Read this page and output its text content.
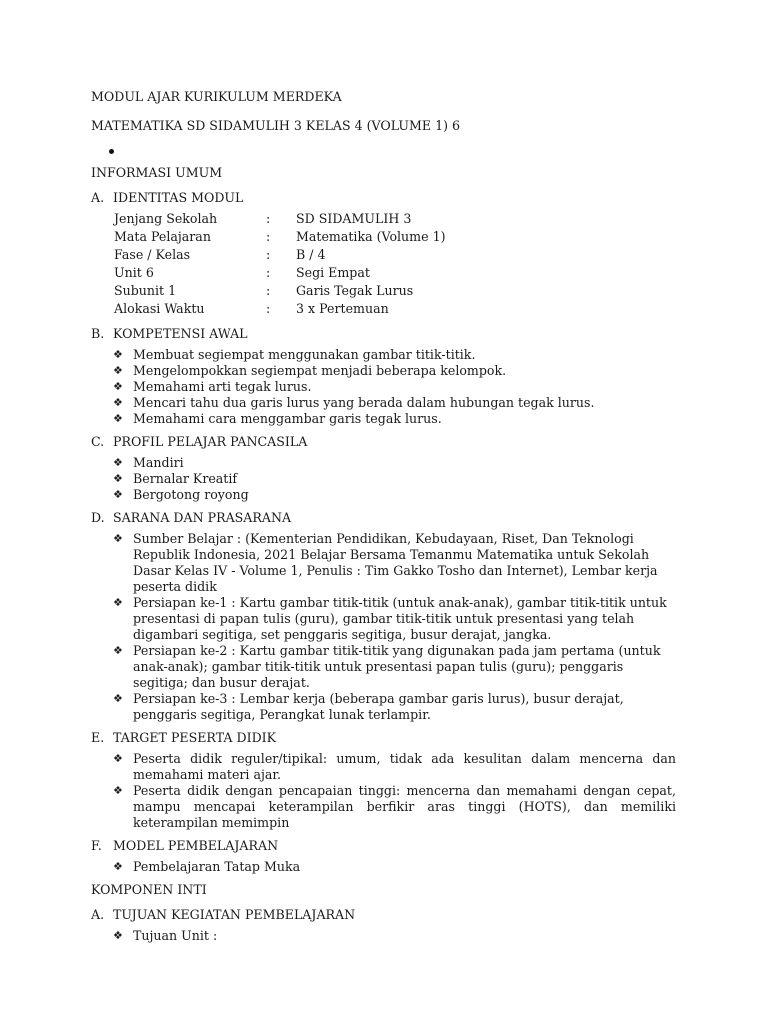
MODUL AJAR KURIKULUM MERDEKA

MATEMATIKA SD SIDAMULIH 3 KELAS 4 (VOLUME 1) 6

INFORMASI UMUM

A. IDENTITAS MODUL
Jenjang Sekolah	:	SD SIDAMULIH 3
Mata Pelajaran	:	Matematika (Volume 1)
Fase / Kelas	:	B / 4
Unit 6	:	Segi Empat
Subunit 1	:	Garis Tegak Lurus
Alokasi Waktu	:	3 x Pertemuan
B. KOMPETENSI AWAL
❖ Membuat segiempat menggunakan gambar titik-titik.
❖ Mengelompokkan segiempat menjadi beberapa kelompok.
❖ Memahami arti tegak lurus.
❖ Mencari tahu dua garis lurus yang berada dalam hubungan tegak lurus.
❖ Memahami cara menggambar garis tegak lurus.
C. PROFIL PELAJAR PANCASILA
❖ Mandiri
❖ Bernalar Kreatif
❖ Bergotong royong
D. SARANA DAN PRASARANA
❖ Sumber Belajar : (Kementerian Pendidikan, Kebudayaan, Riset, Dan Teknologi Republik Indonesia, 2021 Belajar Bersama Temanmu Matematika untuk Sekolah Dasar Kelas IV - Volume 1, Penulis : Tim Gakko Tosho dan Internet), Lembar kerja peserta didik
❖ Persiapan ke-1 : Kartu gambar titik-titik (untuk anak-anak), gambar titik-titik untuk presentasi di papan tulis (guru), gambar titik-titik untuk presentasi yang telah digambari segitiga, set penggaris segitiga, busur derajat, jangka.
❖ Persiapan ke-2 : Kartu gambar titik-titik yang digunakan pada jam pertama (untuk anak-anak); gambar titik-titik untuk presentasi papan tulis (guru); penggaris segitiga; dan busur derajat.
❖ Persiapan ke-3 : Lembar kerja (beberapa gambar garis lurus), busur derajat, penggaris segitiga, Perangkat lunak terlampir.
E. TARGET PESERTA DIDIK
❖ Peserta didik reguler/tipikal: umum, tidak ada kesulitan dalam mencerna dan memahami materi ajar.
❖ Peserta didik dengan pencapaian tinggi: mencerna dan memahami dengan cepat, mampu mencapai keterampilan berfikir aras tinggi (HOTS), dan memiliki keterampilan memimpin
F. MODEL PEMBELAJARAN
❖ Pembelajaran Tatap Muka

KOMPONEN INTI

A. TUJUAN KEGIATAN PEMBELAJARAN
❖ Tujuan Unit :
